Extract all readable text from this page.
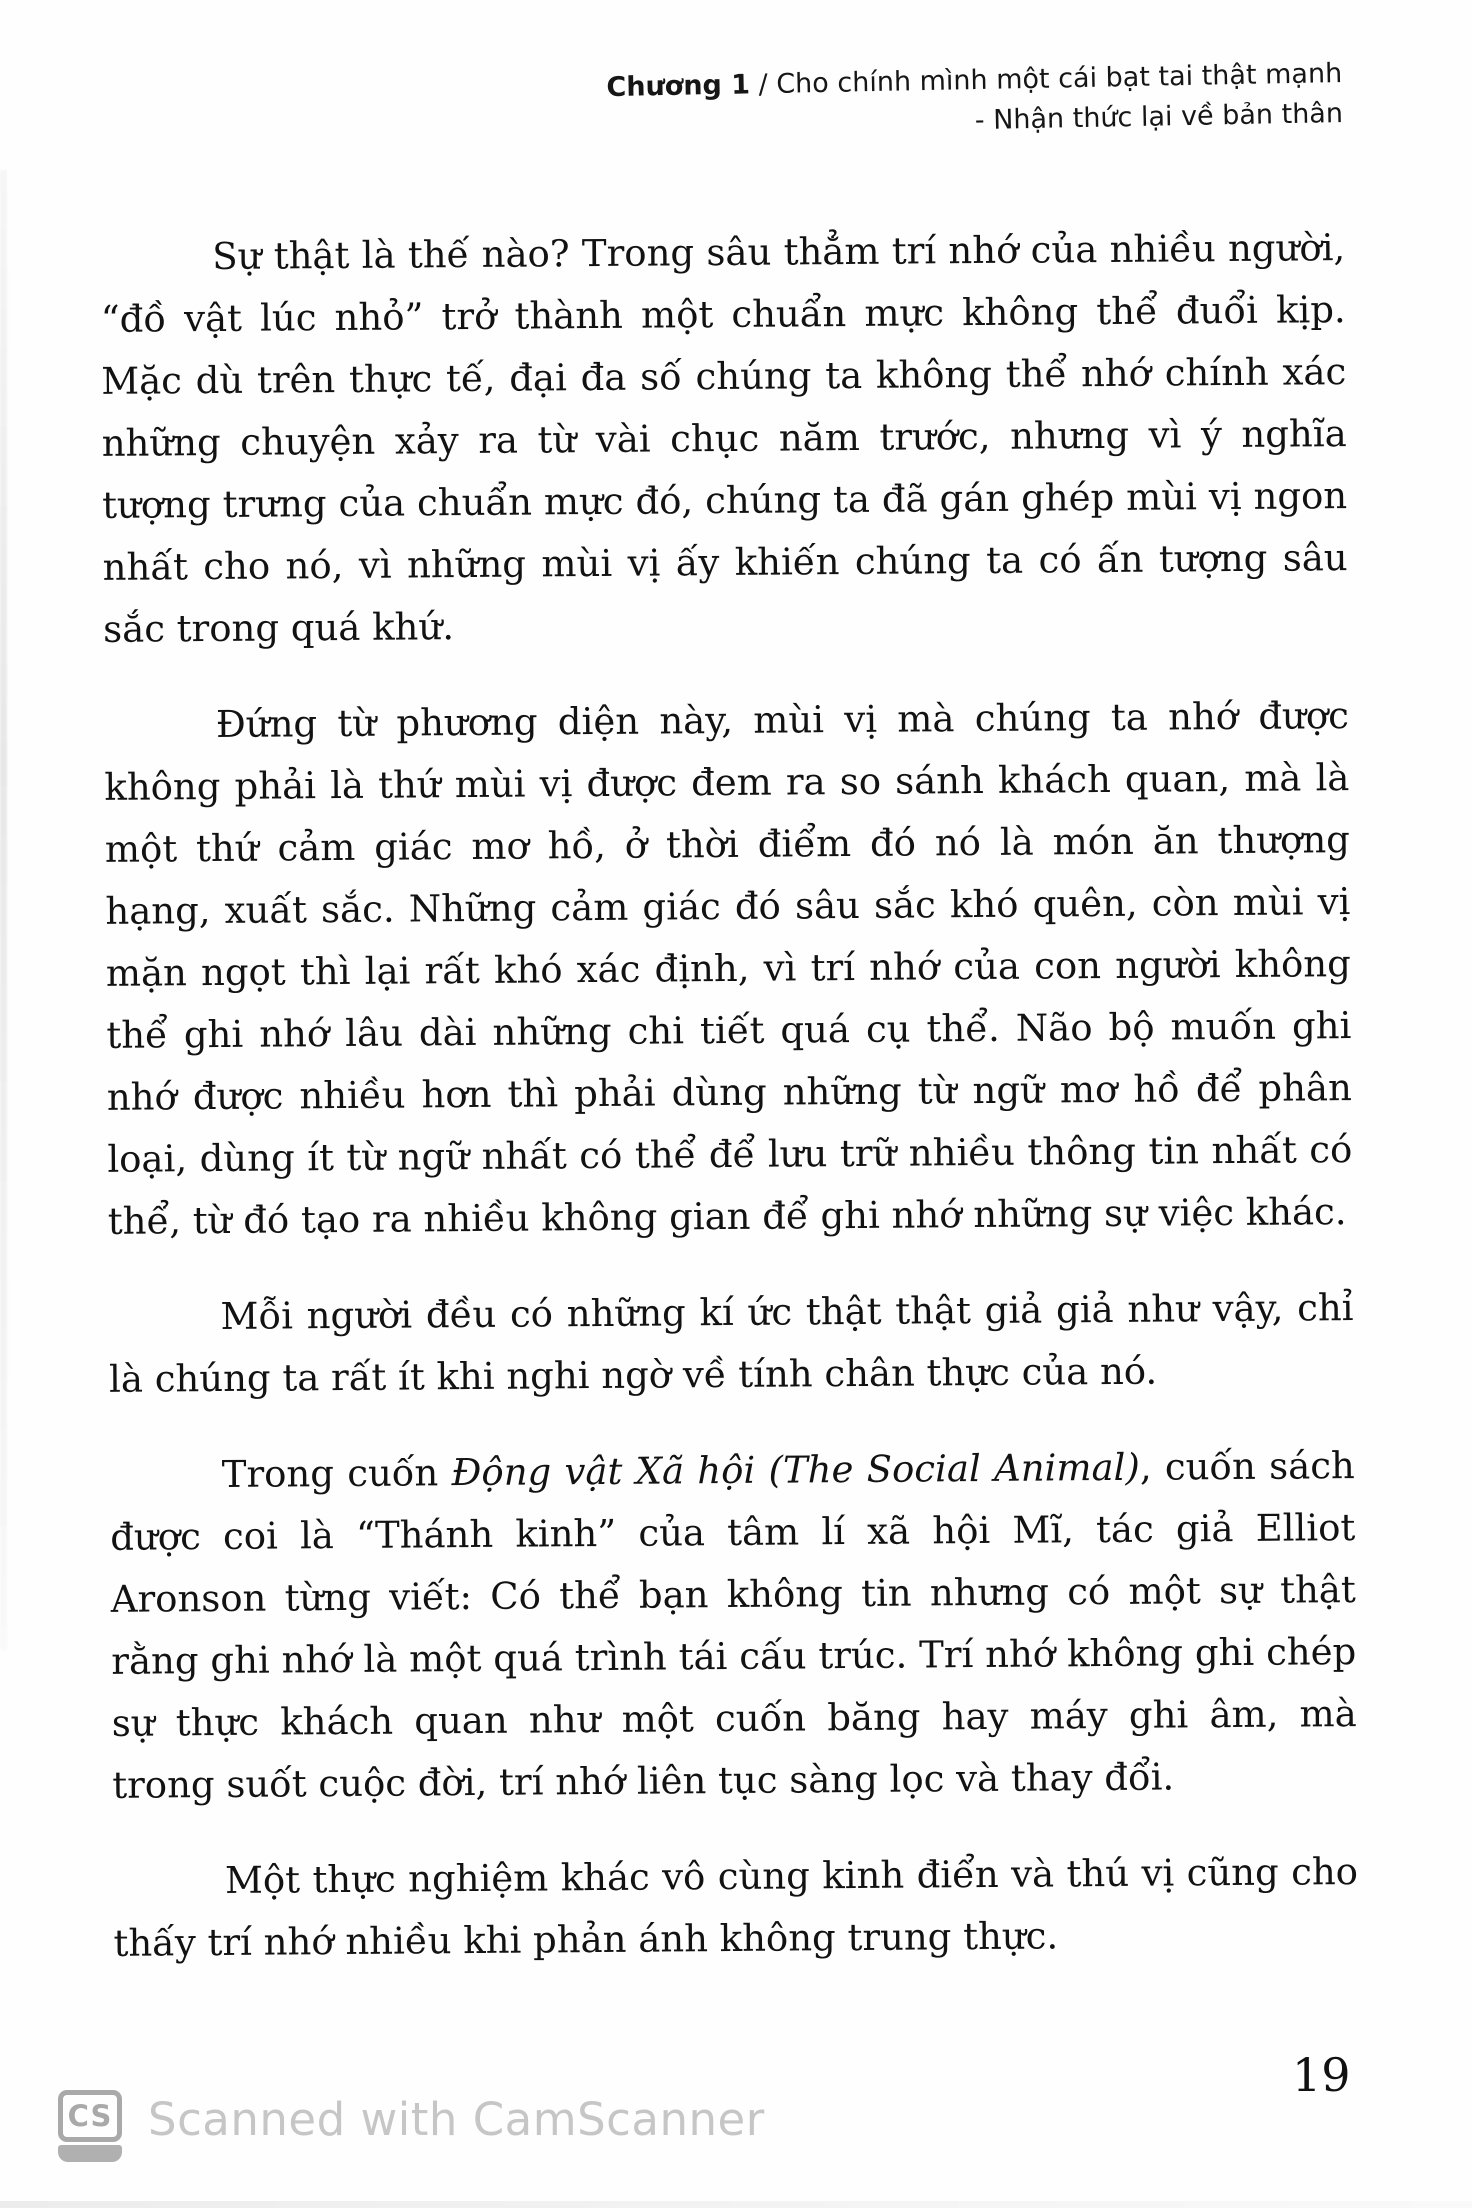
Chương 1 / Cho chính mình một cái bạt tai thật mạnh
- Nhận thức lại về bản thân

Sự thật là thế nào? Trong sâu thẳm trí nhớ của nhiều người, “đồ vật lúc nhỏ” trở thành một chuẩn mực không thể đuổi kịp. Mặc dù trên thực tế, đại đa số chúng ta không thể nhớ chính xác những chuyện xảy ra từ vài chục năm trước, nhưng vì ý nghĩa tượng trưng của chuẩn mực đó, chúng ta đã gán ghép mùi vị ngon nhất cho nó, vì những mùi vị ấy khiến chúng ta có ấn tượng sâu sắc trong quá khứ.

Đứng từ phương diện này, mùi vị mà chúng ta nhớ được không phải là thứ mùi vị được đem ra so sánh khách quan, mà là một thứ cảm giác mơ hồ, ở thời điểm đó nó là món ăn thượng hạng, xuất sắc. Những cảm giác đó sâu sắc khó quên, còn mùi vị mặn ngọt thì lại rất khó xác định, vì trí nhớ của con người không thể ghi nhớ lâu dài những chi tiết quá cụ thể. Não bộ muốn ghi nhớ được nhiều hơn thì phải dùng những từ ngữ mơ hồ để phân loại, dùng ít từ ngữ nhất có thể để lưu trữ nhiều thông tin nhất có thể, từ đó tạo ra nhiều không gian để ghi nhớ những sự việc khác.

Mỗi người đều có những kí ức thật thật giả giả như vậy, chỉ là chúng ta rất ít khi nghi ngờ về tính chân thực của nó.

Trong cuốn Động vật Xã hội (The Social Animal), cuốn sách được coi là “Thánh kinh” của tâm lí xã hội Mĩ, tác giả Elliot Aronson từng viết: Có thể bạn không tin nhưng có một sự thật rằng ghi nhớ là một quá trình tái cấu trúc. Trí nhớ không ghi chép sự thực khách quan như một cuốn băng hay máy ghi âm, mà trong suốt cuộc đời, trí nhớ liên tục sàng lọc và thay đổi.

Một thực nghiệm khác vô cùng kinh điển và thú vị cũng cho thấy trí nhớ nhiều khi phản ánh không trung thực.

19
CS Scanned with CamScanner
